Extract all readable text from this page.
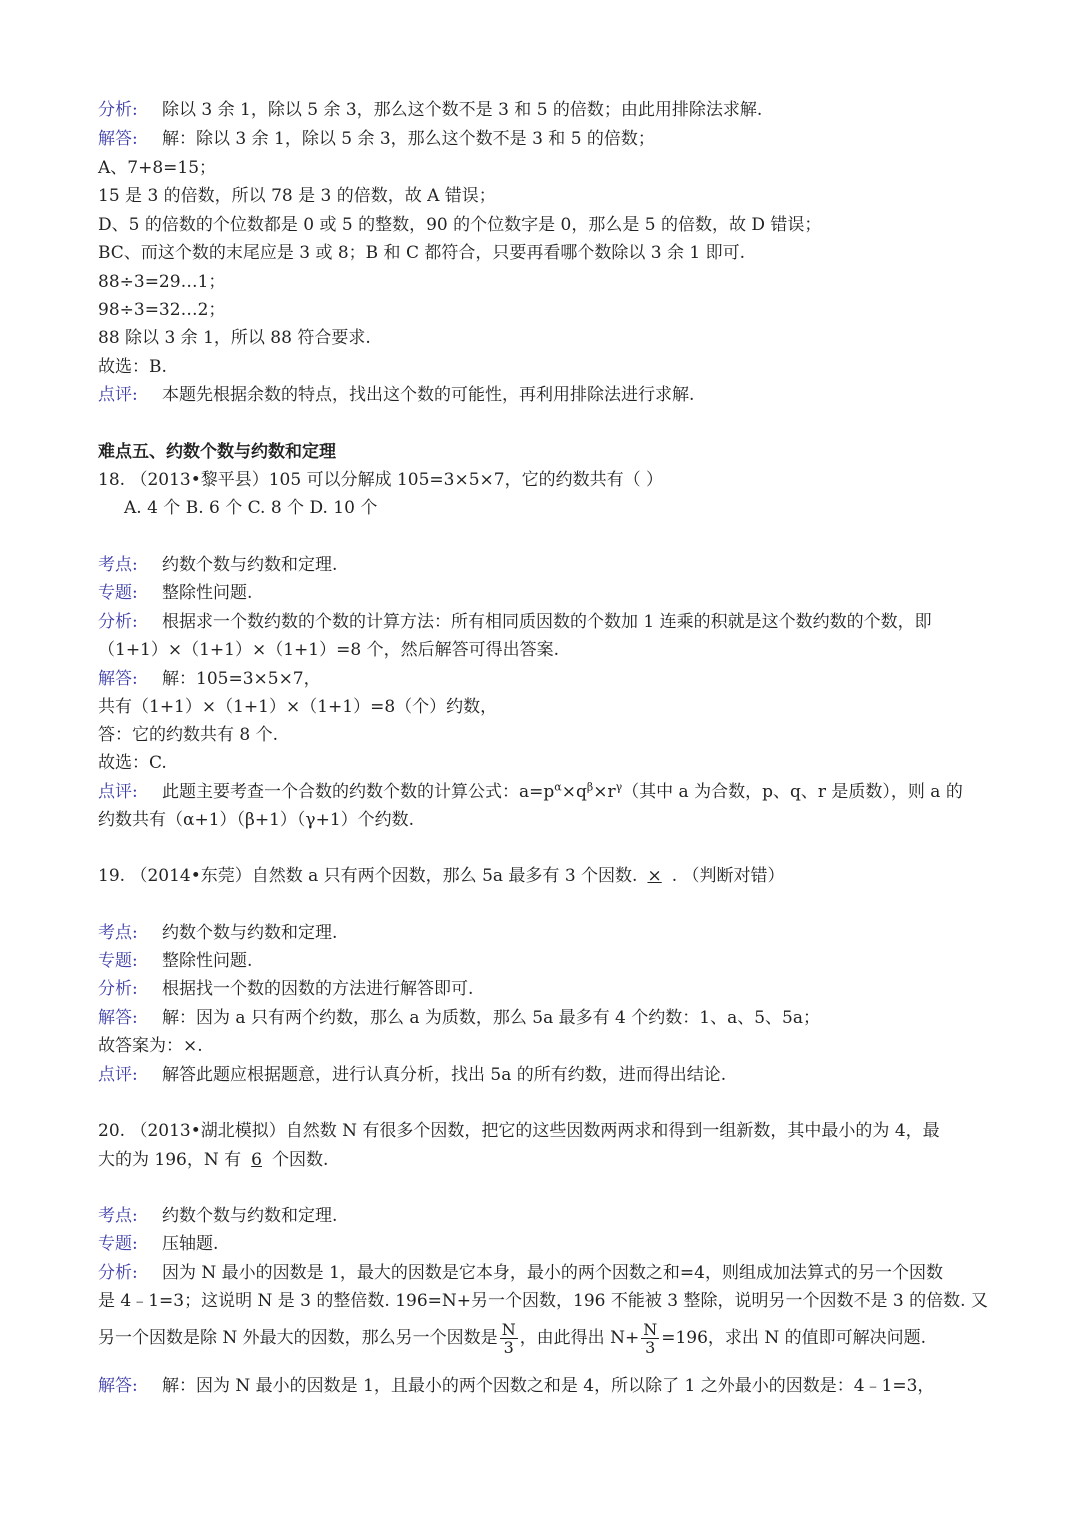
分析: 除以 3 余 1，除以 5 余 3，那么这个数不是 3 和 5 的倍数；由此用排除法求解.
解答: 解：除以 3 余 1，除以 5 余 3，那么这个数不是 3 和 5 的倍数；
A、7+8=15；
15 是 3 的倍数，所以 78 是 3 的倍数，故 A 错误；
D、5 的倍数的个位数都是 0 或 5 的整数，90 的个位数字是 0，那么是 5 的倍数，故 D 错误；
BC、而这个数的末尾应是 3 或 8；B 和 C 都符合，只要再看哪个数除以 3 余 1 即可.
88÷3=29…1；
98÷3=32…2；
88 除以 3 余 1，所以 88 符合要求.
故选：B.
点评: 本题先根据余数的特点，找出这个数的可能性，再利用排除法进行求解.
难点五、约数个数与约数和定理
18. （2013•黎平县）105 可以分解成 105=3×5×7，它的约数共有（ ）
A. 4 个 B. 6 个 C. 8 个 D. 10 个
考点: 约数个数与约数和定理.
专题: 整除性问题.
分析: 根据求一个数约数的个数的计算方法：所有相同质因数的个数加 1 连乘的积就是这个数约数的个数，即
（1+1）×（1+1）×（1+1）=8 个，然后解答可得出答案.
解答: 解：105=3×5×7，
共有（1+1）×（1+1）×（1+1）=8（个）约数，
答：它的约数共有 8 个.
故选：C.
点评: 此题主要考查一个合数的约数个数的计算公式：$a=p^\alpha\times q^\beta\times r^\gamma$（其中 a 为合数，p、q、r 是质数），则 a 的
约数共有（α+1）（β+1）（γ+1）个约数.
19. （2014•东莞）自然数 a 只有两个因数，那么 5a 最多有 3 个因数. × . （判断对错）
考点: 约数个数与约数和定理.
专题: 整除性问题.
分析: 根据找一个数的因数的方法进行解答即可.
解答: 解：因为 a 只有两个约数，那么 a 为质数，那么 5a 最多有 4 个约数：1、a、5、5a；
故答案为：×.
点评: 解答此题应根据题意，进行认真分析，找出 5a 的所有约数，进而得出结论.
20. （2013•湖北模拟）自然数 N 有很多个因数，把它的这些因数两两求和得到一组新数，其中最小的为 4，最
大的为 196，N 有 6 个因数.
考点: 约数个数与约数和定理.
专题: 压轴题.
分析: 因为 N 最小的因数是 1，最大的因数是它本身，最小的两个因数之和=4，则组成加法算式的另一个因数
是 4﹣1=3；这说明 N 是 3 的整倍数. 196=N+另一个因数，196 不能被 3 整除，说明另一个因数不是 3 的倍数. 又
另一个因数是除 N 外最大的因数，那么另一个因数是 $\frac{N}{3}$ ，由此得出 $N+ \frac{N}{3} =196$，求出 N 的值即可解决问题.
解答: 解：因为 N 最小的因数是 1，且最小的两个因数之和是 4，所以除了 1 之外最小的因数是：4﹣1=3，
